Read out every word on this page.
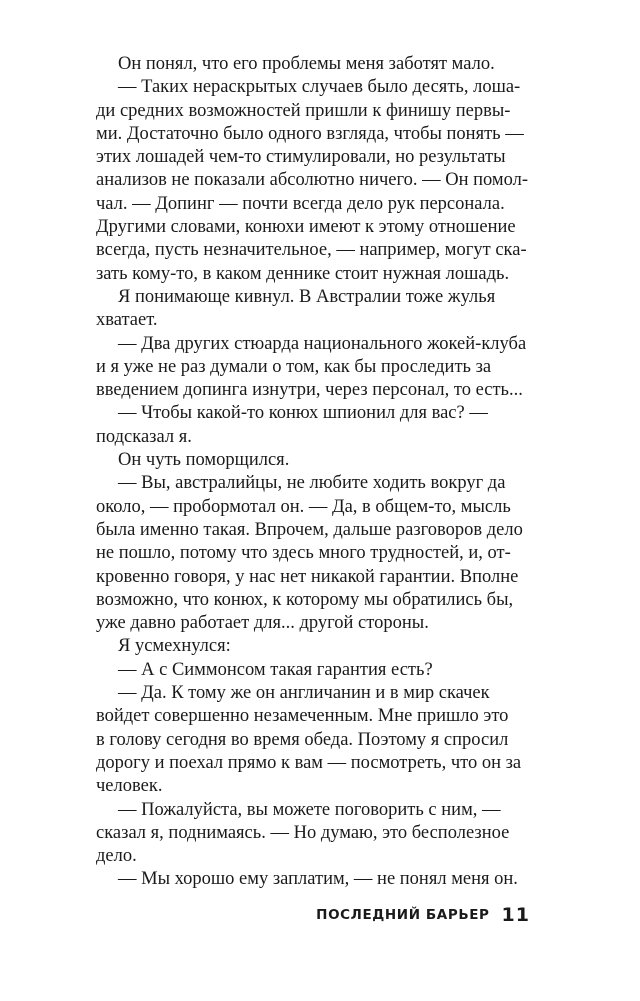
Он понял, что его проблемы меня заботят мало.

— Таких нераскрытых случаев было десять, лоша-
ди средних возможностей пришли к финишу первы-
ми. Достаточно было одного взгляда, чтобы понять —
этих лошадей чем-то стимулировали, но результаты
анализов не показали абсолютно ничего. — Он помол-
чал. — Допинг — почти всегда дело рук персонала.
Другими словами, конюхи имеют к этому отношение
всегда, пусть незначительное, — например, могут ска-
зать кому-то, в каком деннике стоит нужная лошадь.

Я понимающе кивнул. В Австралии тоже жулья
хватает.

— Два других стюарда национального жокей-клуба
и я уже не раз думали о том, как бы проследить за
введением допинга изнутри, через персонал, то есть...

— Чтобы какой-то конюх шпионил для вас? —
подсказал я.

Он чуть поморщился.

— Вы, австралийцы, не любите ходить вокруг да
около, — пробормотал он. — Да, в общем-то, мысль
была именно такая. Впрочем, дальше разговоров дело
не пошло, потому что здесь много трудностей, и, от-
кровенно говоря, у нас нет никакой гарантии. Вполне
возможно, что конюх, к которому мы обратились бы,
уже давно работает для... другой стороны.

Я усмехнулся:

— А с Симмонсом такая гарантия есть?

— Да. К тому же он англичанин и в мир скачек
войдет совершенно незамеченным. Мне пришло это
в голову сегодня во время обеда. Поэтому я спросил
дорогу и поехал прямо к вам — посмотреть, что он за
человек.

— Пожалуйста, вы можете поговорить с ним, —
сказал я, поднимаясь. — Но думаю, это бесполезное
дело.

— Мы хорошо ему заплатим, — не понял меня он.

ПОСЛЕДНИЙ БАРЬЕР 11
